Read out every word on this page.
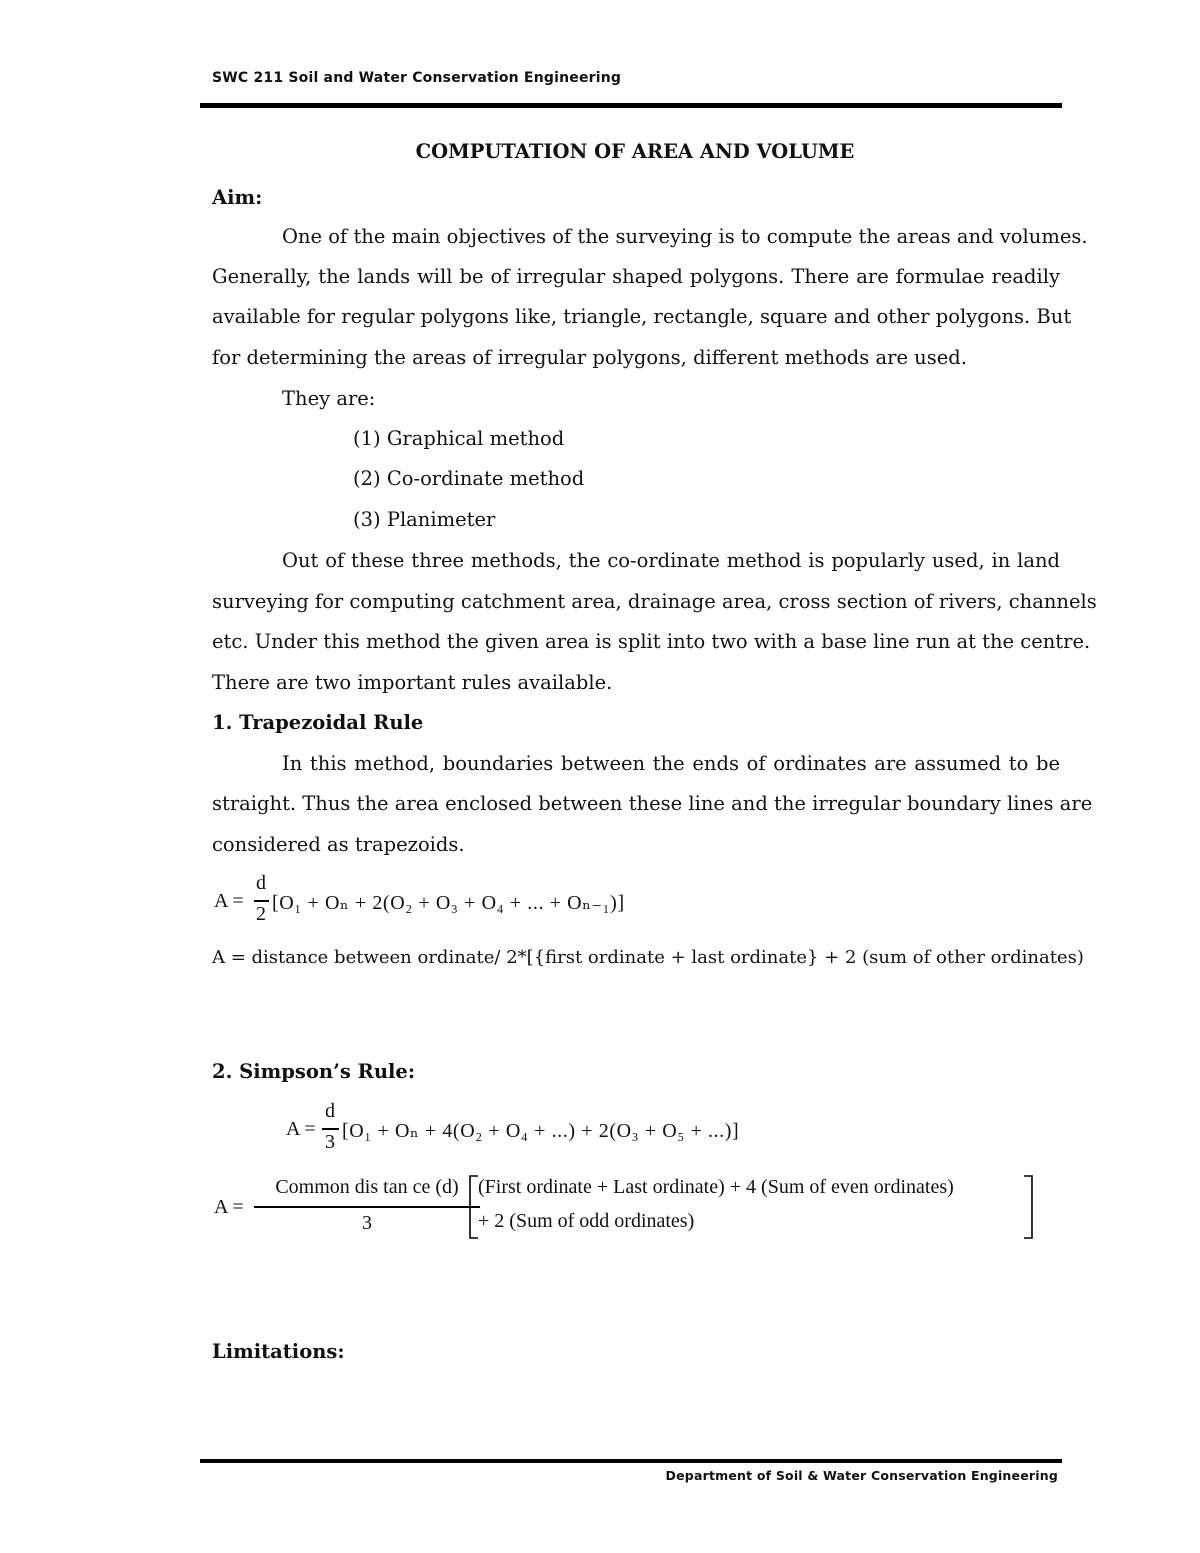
SWC 211 Soil and Water Conservation Engineering
COMPUTATION OF AREA AND VOLUME
Aim:
One of the main objectives of the surveying is to compute the areas and volumes.
Generally, the lands will be of irregular shaped polygons. There are formulae readily
available for regular polygons like, triangle, rectangle, square and other polygons. But
for determining the areas of irregular polygons, different methods are used.
They are:
(1) Graphical method
(2) Co-ordinate method
(3) Planimeter
Out of these three methods, the co-ordinate method is popularly used, in land
surveying for computing catchment area, drainage area, cross section of rivers, channels
etc. Under this method the given area is split into two with a base line run at the centre.
There are two important rules available.
1. Trapezoidal Rule
In this method, boundaries between the ends of ordinates are assumed to be
straight. Thus the area enclosed between these line and the irregular boundary lines are
considered as trapezoids.
A =
d
2 [O₁ + Oₙ + 2(O₂ + O₃ + O₄ + ... + Oₙ₋₁)]
A = distance between ordinate/ 2*[{first ordinate + last ordinate} + 2 (sum of other ordinates)
2. Simpson’s Rule:
A =
d
3 [O₁ + Oₙ + 4(O₂ + O₄ + ...) + 2(O₃ + O₅ + ...)]
A =
Common dis tan ce (d)
3
(First ordinate + Last ordinate) + 4 (Sum of even ordinates)
+ 2 (Sum of odd ordinates)
Limitations:
Department of Soil & Water Conservation Engineering
